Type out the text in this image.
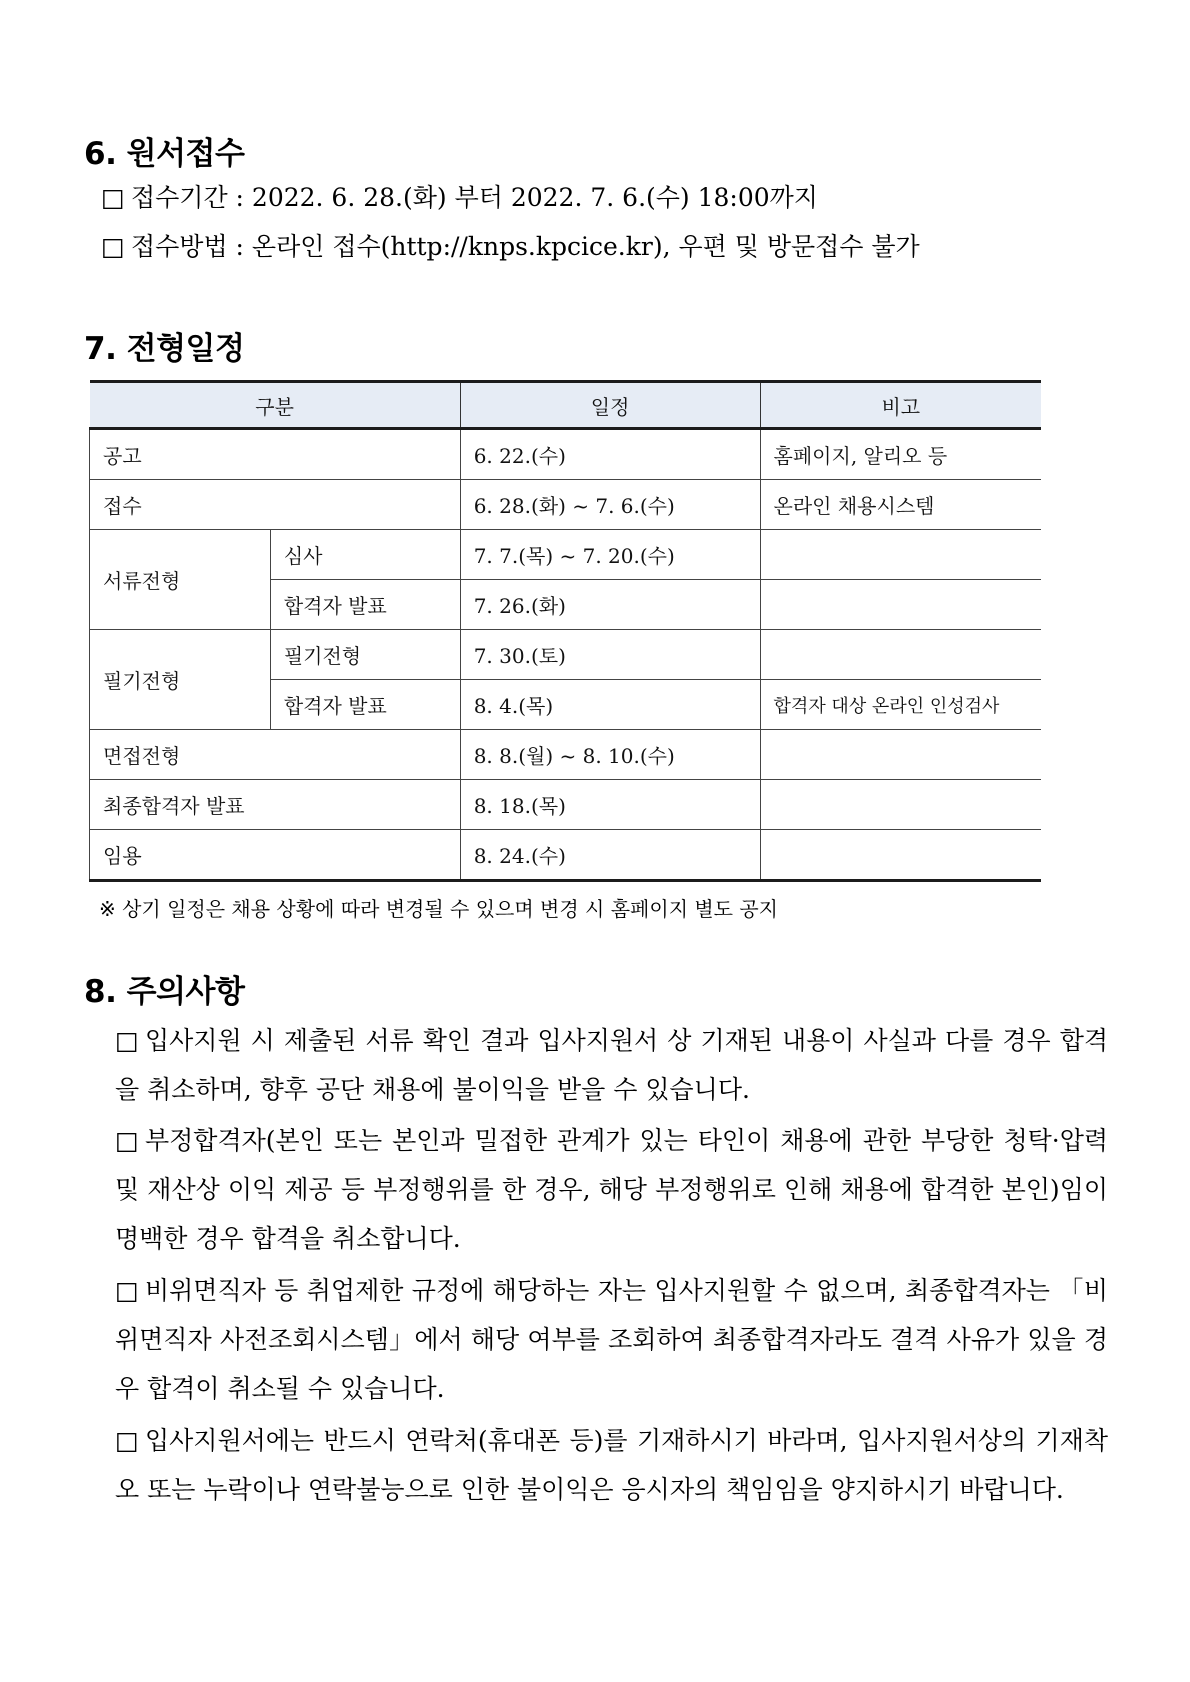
6. 원서접수
□ 접수기간 : 2022. 6. 28.(화) 부터 2022. 7. 6.(수) 18:00까지
□ 접수방법 : 온라인 접수(http://knps.kpcice.kr), 우편 및 방문접수 불가
7. 전형일정
구분		일정	비고
공고		6. 22.(수)	홈페이지, 알리오 등
접수		6. 28.(화) ~ 7. 6.(수)	온라인 채용시스템
서류전형	심사	7. 7.(목) ~ 7. 20.(수)	
	합격자 발표	7. 26.(화)	
필기전형	필기전형	7. 30.(토)	
	합격자 발표	8. 4.(목)	합격자 대상 온라인 인성검사
면접전형		8. 8.(월) ~ 8. 10.(수)	
최종합격자 발표		8. 18.(목)	
임용		8. 24.(수)	
※ 상기 일정은 채용 상황에 따라 변경될 수 있으며 변경 시 홈페이지 별도 공지
8. 주의사항
□ 입사지원 시 제출된 서류 확인 결과 입사지원서 상 기재된 내용이 사실과 다를 경우 합격을 취소하며, 향후 공단 채용에 불이익을 받을 수 있습니다.
□ 부정합격자(본인 또는 본인과 밀접한 관계가 있는 타인이 채용에 관한 부당한 청탁·압력 및 재산상 이익 제공 등 부정행위를 한 경우, 해당 부정행위로 인해 채용에 합격한 본인)임이 명백한 경우 합격을 취소합니다.
□ 비위면직자 등 취업제한 규정에 해당하는 자는 입사지원할 수 없으며, 최종합격자는 「비위면직자 사전조회시스템」에서 해당 여부를 조회하여 최종합격자라도 결격 사유가 있을 경우 합격이 취소될 수 있습니다.
□ 입사지원서에는 반드시 연락처(휴대폰 등)를 기재하시기 바라며, 입사지원서상의 기재착오 또는 누락이나 연락불능으로 인한 불이익은 응시자의 책임임을 양지하시기 바랍니다.
